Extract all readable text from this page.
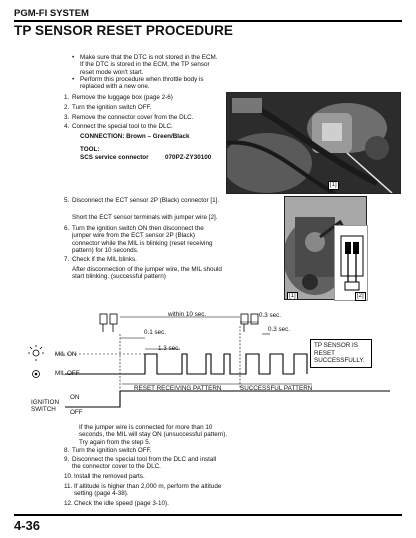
PGM-FI SYSTEM
TP SENSOR RESET PROCEDURE
• Make sure that the DTC is not stored in the ECM. If the DTC is stored in the ECM, the TP sensor reset mode won't start.
• Perform this procedure when throttle body is replaced with a new one.
1. Remove the luggage box (page 2-6)
2. Turn the ignition switch OFF.
3. Remove the connector cover from the DLC.
4. Connect the special tool to the DLC.
CONNECTION: Brown – Green/Black
TOOL:
SCS service connector	070PZ-ZY30100
[1]
5. Disconnect the ECT sensor 2P (Black) connector [1].
Short the ECT sensor terminals with jumper wire [2].
6. Turn the ignition switch ON then disconnect the jumper wire from the ECT sensor 2P (Black) connector while the MIL is blinking (reset receiving pattern) for 10 seconds.
7. Check if the MIL blinks.
After disconnection of the jumper wire, the MIL should start blinking. (successful pattern)
[1]	[2]
within 10 sec.
0.1 sec.
1.3 sec.
0.3 sec.
0.3 sec.
MIL ON
MIL OFF
RESET RECEIVING PATTERN	SUCCESSFUL PATTERN
ON
OFF
IGNITION
SWITCH
TP SENSOR IS
RESET
SUCCESSFULLY.
If the jumper wire is connected for more than 10 seconds, the MIL will stay ON (unsuccessful pattern). Try again from the step 5.
8. Turn the ignition switch OFF.
9. Disconnect the special tool from the DLC and install the connector cover to the DLC.
10. Install the removed parts.
11. If altitude is higher than 2,000 m, perform the altitude setting (page 4-38).
12. Check the idle speed (page 3-10).
4-36
